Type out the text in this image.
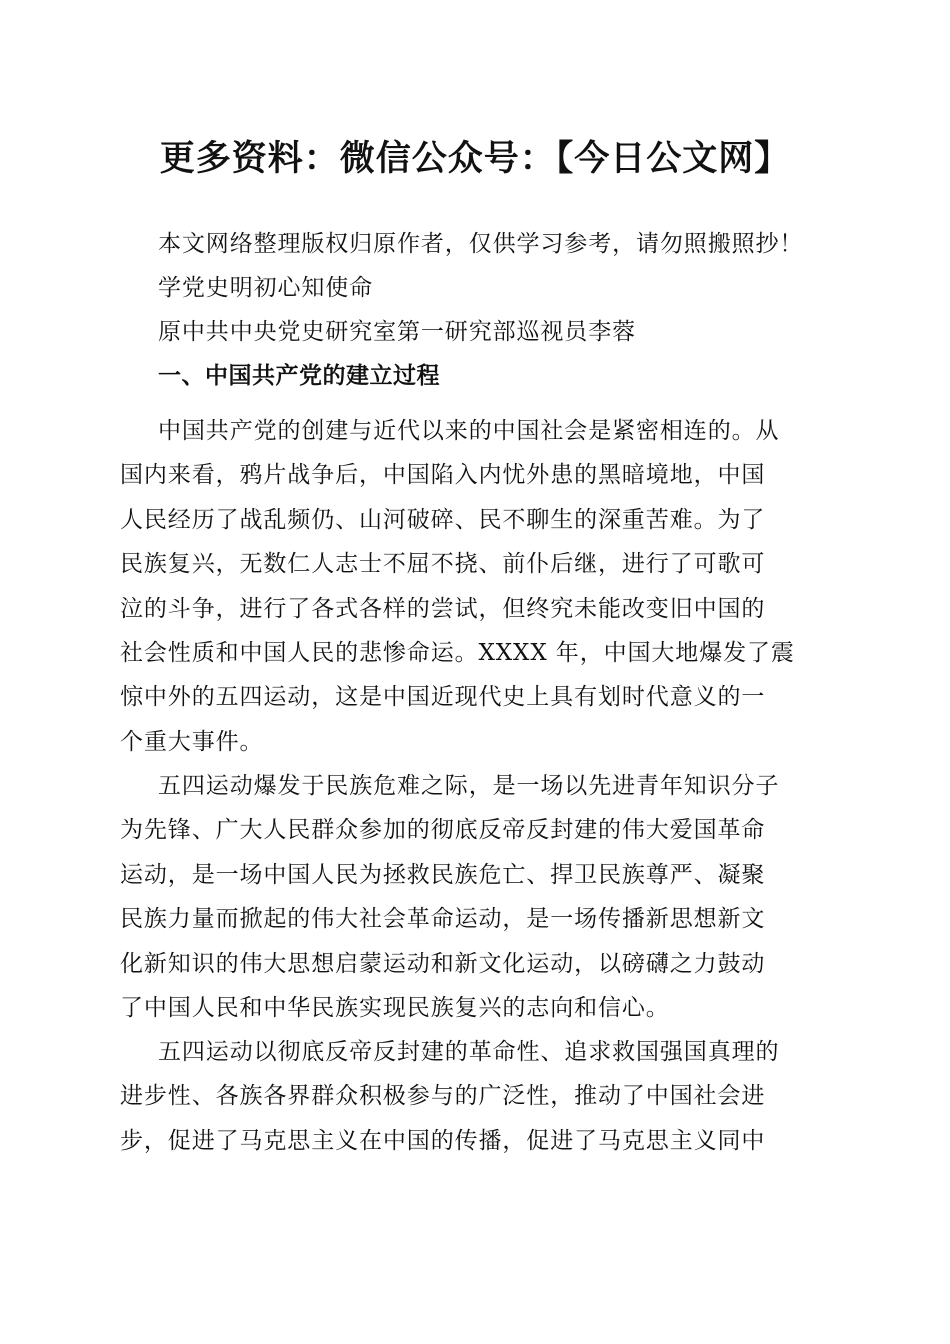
更多资料：微信公众号：【今日公文网】
本文网络整理版权归原作者，仅供学习参考，请勿照搬照抄！
学党史明初心知使命
原中共中央党史研究室第一研究部巡视员李蓉
一、中国共产党的建立过程
中国共产党的创建与近代以来的中国社会是紧密相连的。从
国内来看，鸦片战争后，中国陷入内忧外患的黑暗境地，中国
人民经历了战乱频仍、山河破碎、民不聊生的深重苦难。为了
民族复兴，无数仁人志士不屈不挠、前仆后继，进行了可歌可
泣的斗争，进行了各式各样的尝试，但终究未能改变旧中国的
社会性质和中国人民的悲惨命运。XXXX 年，中国大地爆发了震
惊中外的五四运动，这是中国近现代史上具有划时代意义的一
个重大事件。
五四运动爆发于民族危难之际，是一场以先进青年知识分子
为先锋、广大人民群众参加的彻底反帝反封建的伟大爱国革命
运动，是一场中国人民为拯救民族危亡、捍卫民族尊严、凝聚
民族力量而掀起的伟大社会革命运动，是一场传播新思想新文
化新知识的伟大思想启蒙运动和新文化运动，以磅礴之力鼓动
了中国人民和中华民族实现民族复兴的志向和信心。
五四运动以彻底反帝反封建的革命性、追求救国强国真理的
进步性、各族各界群众积极参与的广泛性，推动了中国社会进
步，促进了马克思主义在中国的传播，促进了马克思主义同中
